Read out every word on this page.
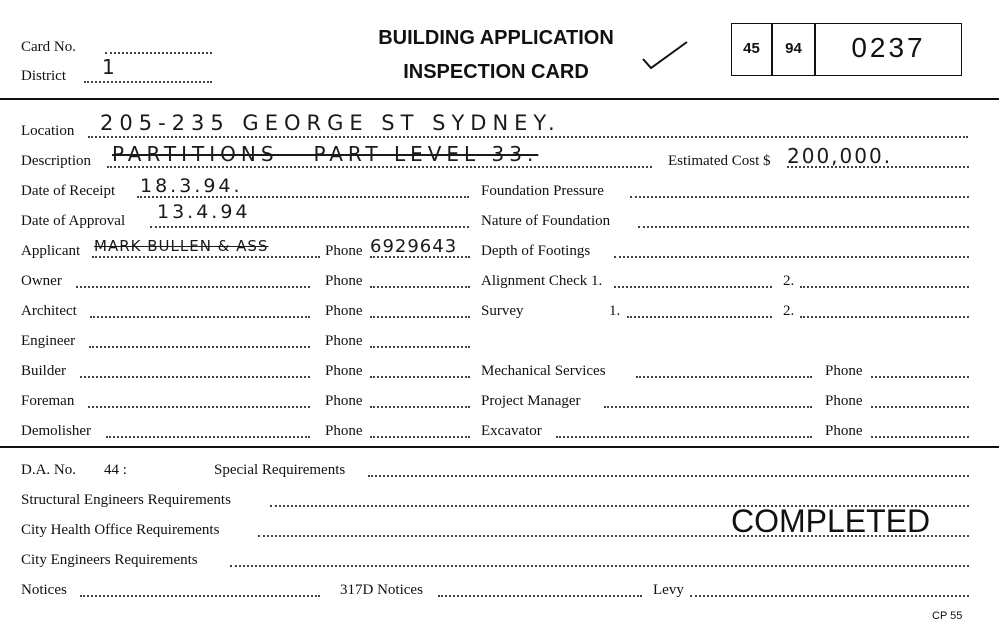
Card No.
District 1
BUILDING APPLICATION
INSPECTION CARD
45	94	0237
Location 205-235 GEORGE ST SYDNEY.
Description PARTITIONS - PART LEVEL 33.	Estimated Cost $ 200,000.
Date of Receipt 18.3.94.	Foundation Pressure
Date of Approval 13.4.94	Nature of Foundation
Applicant MARK BULLEN & ASS	Phone 6929643 Depth of Footings
Owner	Phone	Alignment Check 1.	2.
Architect	Phone	Survey	1.	2.
Engineer	Phone
Builder	Phone	Mechanical Services	Phone
Foreman	Phone	Project Manager	Phone
Demolisher	Phone	Excavator	Phone
D.A. No. 44 :	Special Requirements
Structural Engineers Requirements
City Health Office Requirements
City Engineers Requirements
Notices	317D Notices	Levy
COMPLETED
CP 55
